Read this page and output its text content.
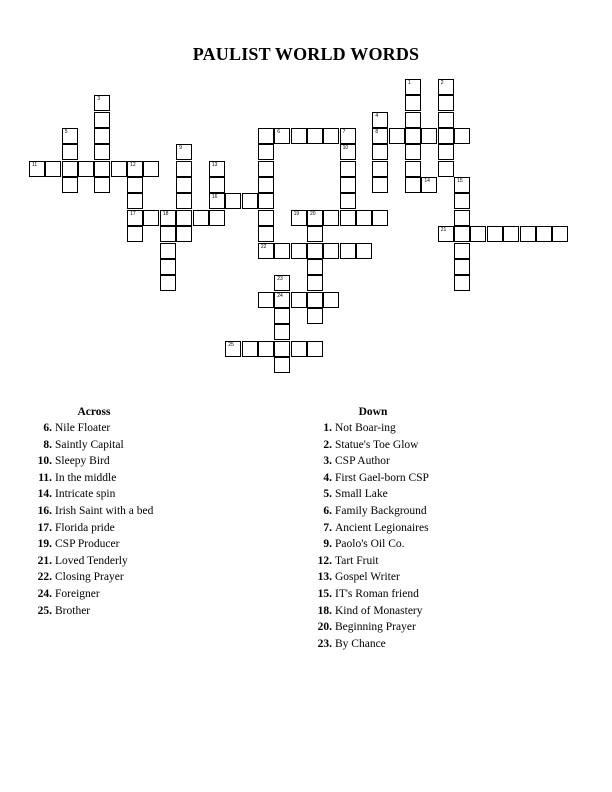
PAULIST WORLD WORDS
6	7	8
11	12
16
17	18	19 20
21
22
24
25
1	2
3
4
5
10
9
13
15
23
14
Across
6. Nile Floater
8. Saintly Capital
10. Sleepy Bird
11. In the middle
14. Intricate spin
16. Irish Saint with a bed
17. Florida pride
19. CSP Producer
21. Loved Tenderly
22. Closing Prayer
24. Foreigner
25. Brother
Down
1. Not Boar-ing
2. Statue's Toe Glow
3. CSP Author
4. First Gael-born CSP
5. Small Lake
6. Family Background
7. Ancient Legionaires
9. Paolo's Oil Co.
12. Tart Fruit
13. Gospel Writer
15. IT's Roman friend
18. Kind of Monastery
20. Beginning Prayer
23. By Chance
